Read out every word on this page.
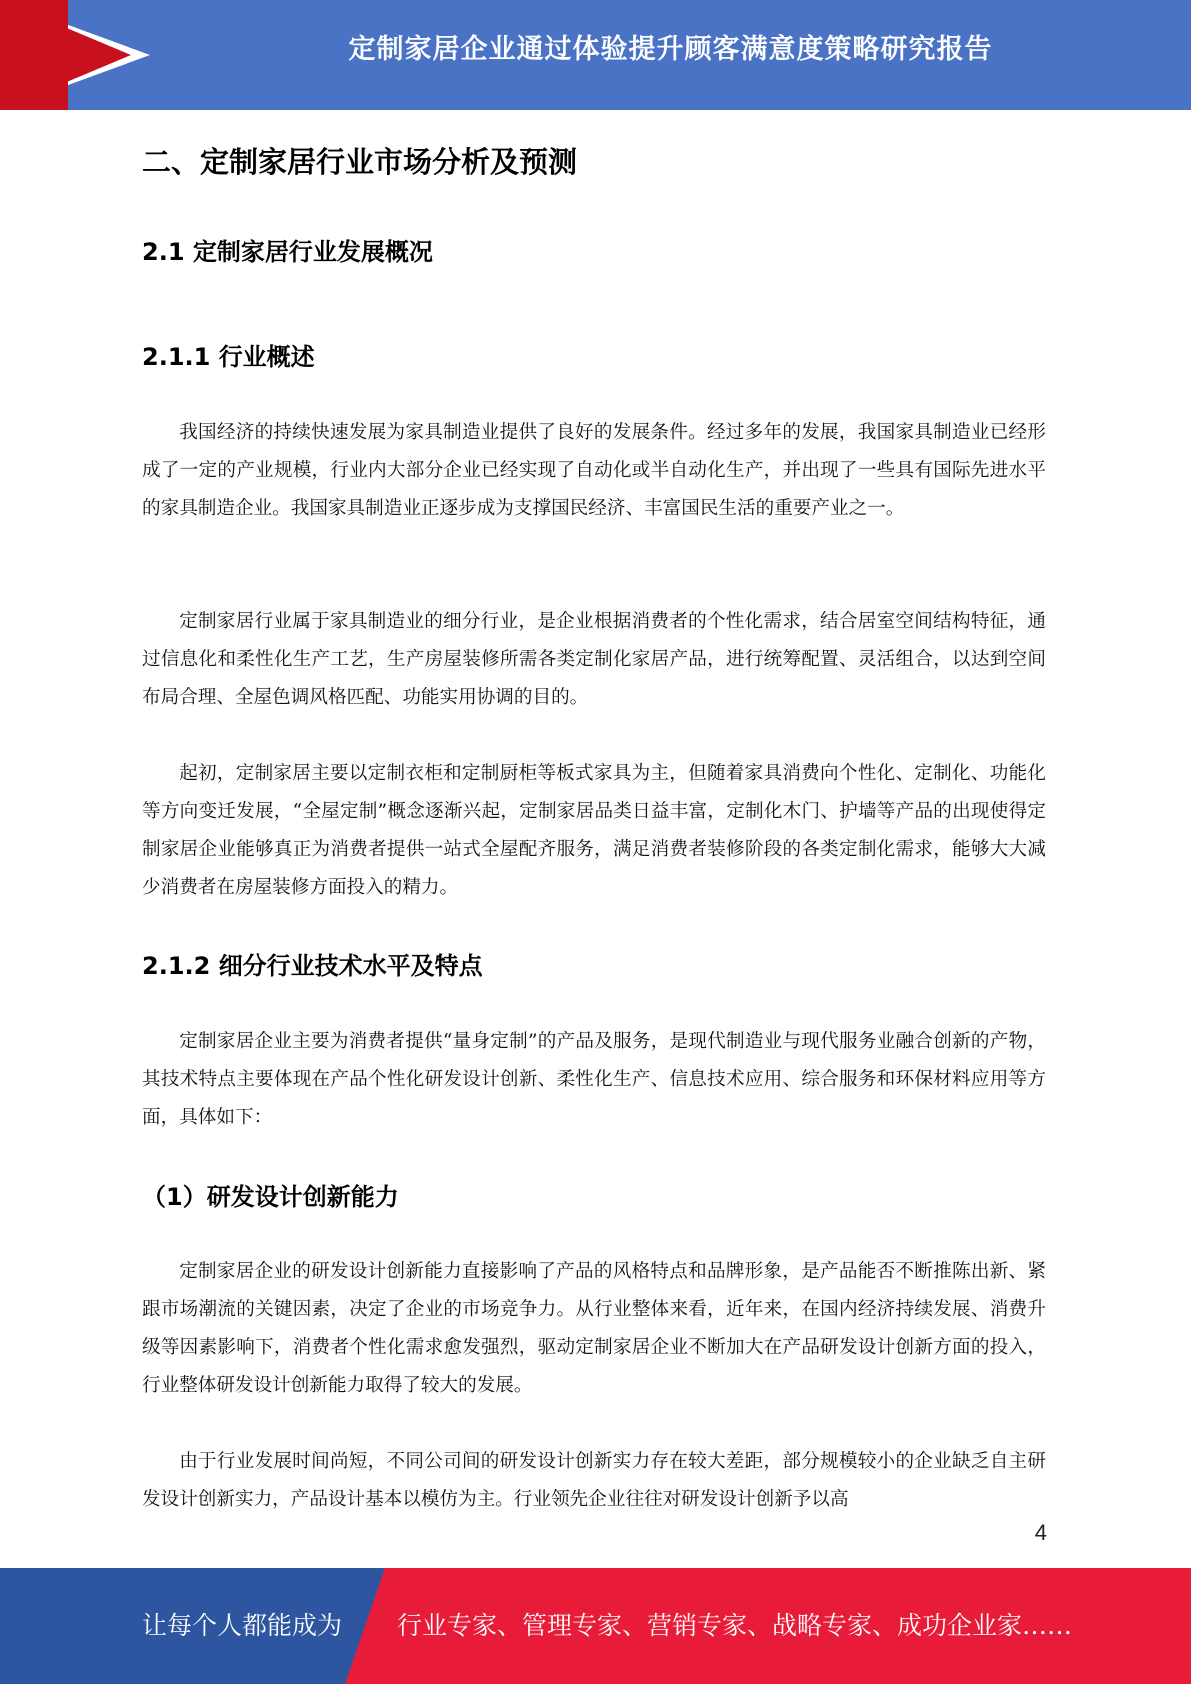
定制家居企业通过体验提升顾客满意度策略研究报告
二、定制家居行业市场分析及预测
2.1 定制家居行业发展概况
2.1.1 行业概述

我国经济的持续快速发展为家具制造业提供了良好的发展条件。经过多年的发展，我国家具制造业已经形成了一定的产业规模，行业内大部分企业已经实现了自动化或半自动化生产，并出现了一些具有国际先进水平的家具制造企业。我国家具制造业正逐步成为支撑国民经济、丰富国民生活的重要产业之一。

定制家居行业属于家具制造业的细分行业，是企业根据消费者的个性化需求，结合居室空间结构特征，通过信息化和柔性化生产工艺，生产房屋装修所需各类定制化家居产品，进行统筹配置、灵活组合，以达到空间布局合理、全屋色调风格匹配、功能实用协调的目的。

起初，定制家居主要以定制衣柜和定制厨柜等板式家具为主，但随着家具消费向个性化、定制化、功能化等方向变迁发展，“全屋定制”概念逐渐兴起，定制家居品类日益丰富，定制化木门、护墙等产品的出现使得定制家居企业能够真正为消费者提供一站式全屋配齐服务，满足消费者装修阶段的各类定制化需求，能够大大减少消费者在房屋装修方面投入的精力。

2.1.2 细分行业技术水平及特点

定制家居企业主要为消费者提供“量身定制”的产品及服务，是现代制造业与现代服务业融合创新的产物，其技术特点主要体现在产品个性化研发设计创新、柔性化生产、信息技术应用、综合服务和环保材料应用等方面，具体如下：

（1）研发设计创新能力

定制家居企业的研发设计创新能力直接影响了产品的风格特点和品牌形象，是产品能否不断推陈出新、紧跟市场潮流的关键因素，决定了企业的市场竞争力。从行业整体来看，近年来，在国内经济持续发展、消费升级等因素影响下，消费者个性化需求愈发强烈，驱动定制家居企业不断加大在产品研发设计创新方面的投入，行业整体研发设计创新能力取得了较大的发展。

由于行业发展时间尚短，不同公司间的研发设计创新实力存在较大差距，部分规模较小的企业缺乏自主研发设计创新实力，产品设计基本以模仿为主。行业领先企业往往对研发设计创新予以高

4
让每个人都能成为 行业专家、管理专家、营销专家、战略专家、成功企业家……
